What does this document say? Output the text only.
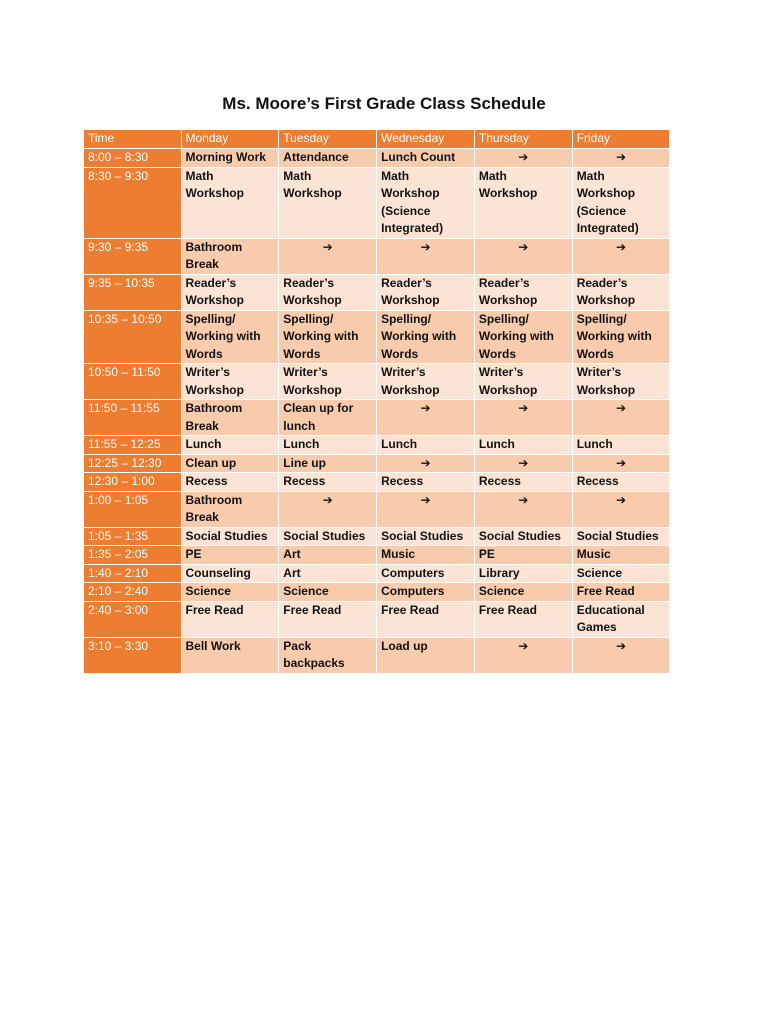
Ms. Moore’s First Grade Class Schedule
Time	Monday	Tuesday	Wednesday	Thursday	Friday
8:00 – 8:30	Morning Work	Attendance	Lunch Count	➔	➔
8:30 – 9:30	Math Workshop	Math Workshop	Math Workshop (Science Integrated)	Math Workshop	Math Workshop (Science Integrated)
9:30 – 9:35	Bathroom Break	➔	➔	➔	➔
9:35 – 10:35	Reader’s Workshop	Reader’s Workshop	Reader’s Workshop	Reader’s Workshop	Reader’s Workshop
10:35 – 10:50	Spelling/ Working with Words	Spelling/ Working with Words	Spelling/ Working with Words	Spelling/ Working with Words	Spelling/ Working with Words
10:50 – 11:50	Writer’s Workshop	Writer’s Workshop	Writer’s Workshop	Writer’s Workshop	Writer’s Workshop
11:50 – 11:55	Bathroom Break	Clean up for lunch	➔	➔	➔
11:55 – 12:25	Lunch	Lunch	Lunch	Lunch	Lunch
12:25 – 12:30	Clean up	Line up	➔	➔	➔
12:30 – 1:00	Recess	Recess	Recess	Recess	Recess
1:00 – 1:05	Bathroom Break	➔	➔	➔	➔
1:05 – 1:35	Social Studies	Social Studies	Social Studies	Social Studies	Social Studies
1:35 – 2:05	PE	Art	Music	PE	Music
1:40 – 2:10	Counseling	Art	Computers	Library	Science
2:10 – 2:40	Science	Science	Computers	Science	Free Read
2:40 – 3:00	Free Read	Free Read	Free Read	Free Read	Educational Games
3:10 – 3:30	Bell Work	Pack backpacks	Load up	➔	➔
